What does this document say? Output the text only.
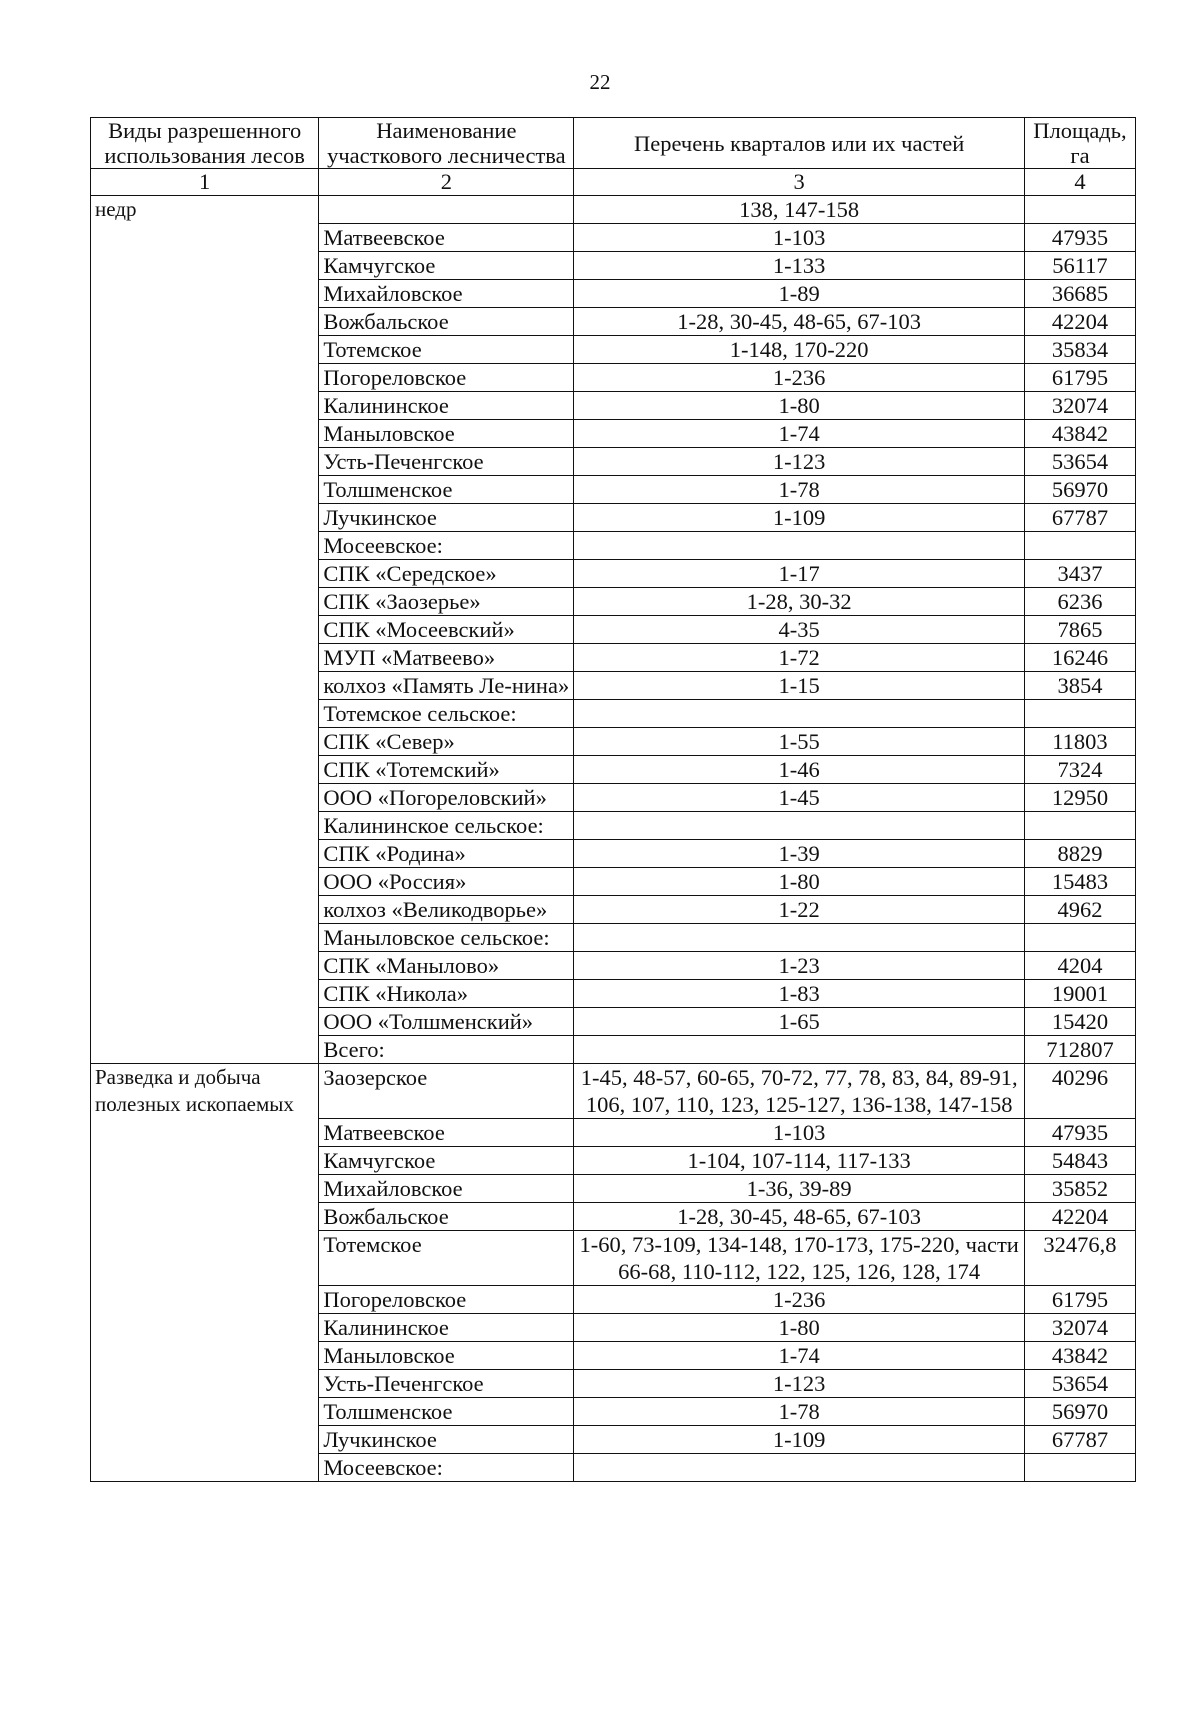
22
Виды разрешенного использования лесов	Наименование участкового лесничества	Перечень кварталов или их частей	Площадь, га
1	2	3	4
недр		138, 147-158	
	Матвеевское	1-103	47935
	Камчугское	1-133	56117
	Михайловское	1-89	36685
	Вожбальское	1-28, 30-45, 48-65, 67-103	42204
	Тотемское	1-148, 170-220	35834
	Погореловское	1-236	61795
	Калининское	1-80	32074
	Маныловское	1-74	43842
	Усть-Печенгское	1-123	53654
	Толшменское	1-78	56970
	Лучкинское	1-109	67787
	Мосеевское:		
	СПК «Середское»	1-17	3437
	СПК «Заозерье»	1-28, 30-32	6236
	СПК «Мосеевский»	4-35	7865
	МУП «Матвеево»	1-72	16246
	колхоз «Память Ле-нина»	1-15	3854
	Тотемское сельское:		
	СПК «Север»	1-55	11803
	СПК «Тотемский»	1-46	7324
	ООО «Погореловский»	1-45	12950
	Калининское сельское:		
	СПК «Родина»	1-39	8829
	ООО «Россия»	1-80	15483
	колхоз «Великодворье»	1-22	4962
	Маныловское сельское:		
	СПК «Манылово»	1-23	4204
	СПК «Никола»	1-83	19001
	ООО «Толшменский»	1-65	15420
	Всего:		712807
Разведка и добыча полезных ископаемых	Заозерское	1-45, 48-57, 60-65, 70-72, 77, 78, 83, 84, 89-91, 106, 107, 110, 123, 125-127, 136-138, 147-158	40296
	Матвеевское	1-103	47935
	Камчугское	1-104, 107-114, 117-133	54843
	Михайловское	1-36, 39-89	35852
	Вожбальское	1-28, 30-45, 48-65, 67-103	42204
	Тотемское	1-60, 73-109, 134-148, 170-173, 175-220, части 66-68, 110-112, 122, 125, 126, 128, 174	32476,8
	Погореловское	1-236	61795
	Калининское	1-80	32074
	Маныловское	1-74	43842
	Усть-Печенгское	1-123	53654
	Толшменское	1-78	56970
	Лучкинское	1-109	67787
	Мосеевское:		
